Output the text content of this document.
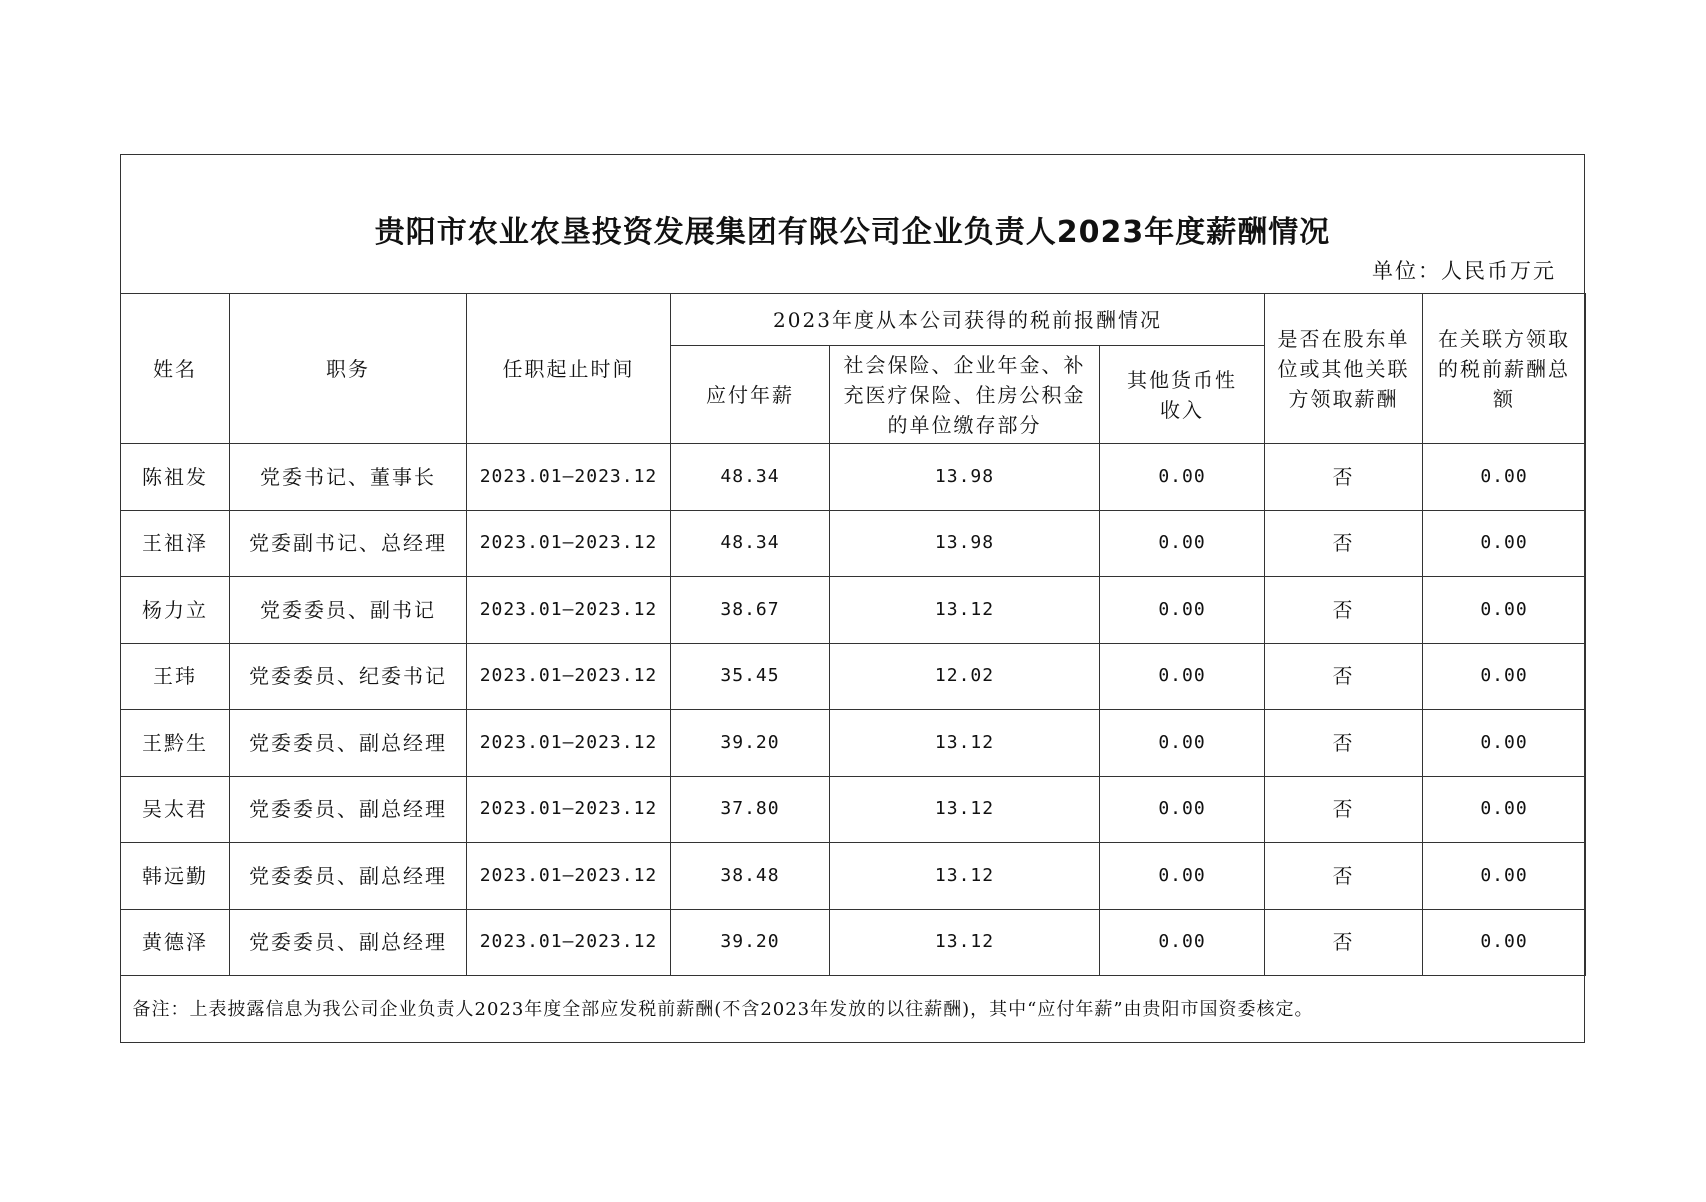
贵阳市农业农垦投资发展集团有限公司企业负责人2023年度薪酬情况
单位：人民币万元
姓名	职务	任职起止时间	2023年度从本公司获得的税前报酬情况			是否在股东单位或其他关联方领取薪酬	在关联方领取的税前薪酬总额
			应付年薪	社会保险、企业年金、补充医疗保险、住房公积金的单位缴存部分	其他货币性收入		
陈祖发	党委书记、董事长	2023.01—2023.12	48.34	13.98	0.00	否	0.00
王祖泽	党委副书记、总经理	2023.01—2023.12	48.34	13.98	0.00	否	0.00
杨力立	党委委员、副书记	2023.01—2023.12	38.67	13.12	0.00	否	0.00
王玮	党委委员、纪委书记	2023.01—2023.12	35.45	12.02	0.00	否	0.00
王黔生	党委委员、副总经理	2023.01—2023.12	39.20	13.12	0.00	否	0.00
吴太君	党委委员、副总经理	2023.01—2023.12	37.80	13.12	0.00	否	0.00
韩远勤	党委委员、副总经理	2023.01—2023.12	38.48	13.12	0.00	否	0.00
黄德泽	党委委员、副总经理	2023.01—2023.12	39.20	13.12	0.00	否	0.00
备注：上表披露信息为我公司企业负责人2023年度全部应发税前薪酬(不含2023年发放的以往薪酬)，其中“应付年薪”由贵阳市国资委核定。							
